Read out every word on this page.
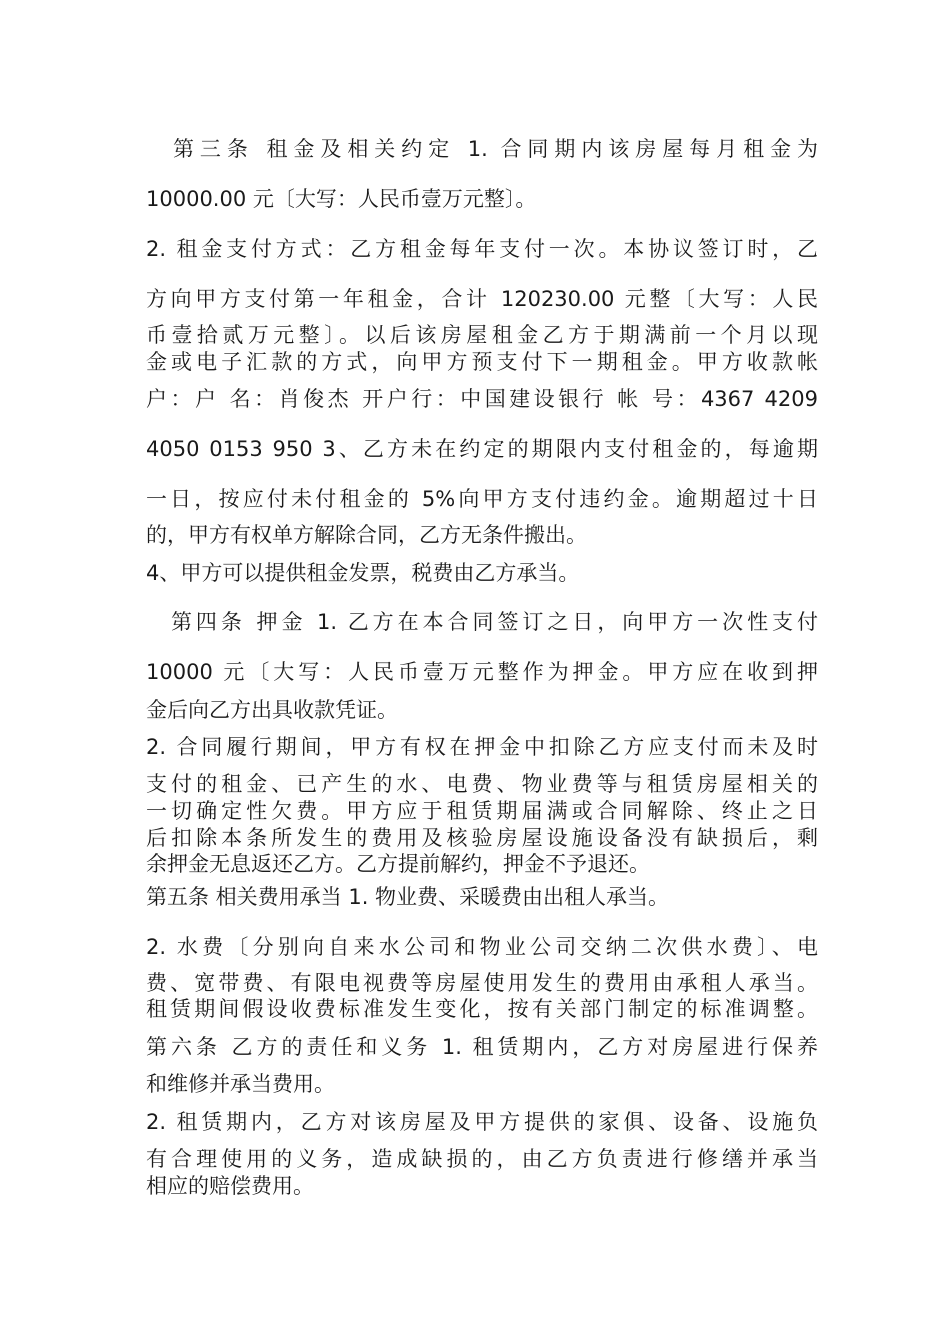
　第三条 租金及相关约定 1. 合同期内该房屋每月租金为
10000.00 元〔大写：人民币壹万元整〕。
2. 租金支付方式：乙方租金每年支付一次。本协议签订时，乙
方向甲方支付第一年租金，合计 120230.00 元整〔大写：人民
币壹拾贰万元整〕。以后该房屋租金乙方于期满前一个月以现
金或电子汇款的方式，向甲方预支付下一期租金。甲方收款帐
户：户 名：肖俊杰 开户行：中国建设银行 帐 号：4367 4209
4050 0153 950 3、乙方未在约定的期限内支付租金的，每逾期
一日，按应付未付租金的 5%向甲方支付违约金。逾期超过十日
的，甲方有权单方解除合同，乙方无条件搬出。
4、甲方可以提供租金发票，税费由乙方承当。
　第四条 押金 1. 乙方在本合同签订之日，向甲方一次性支付
10000 元〔大写：人民币壹万元整作为押金。甲方应在收到押
金后向乙方出具收款凭证。
2. 合同履行期间，甲方有权在押金中扣除乙方应支付而未及时
支付的租金、已产生的水、电费、物业费等与租赁房屋相关的
一切确定性欠费。甲方应于租赁期届满或合同解除、终止之日
后扣除本条所发生的费用及核验房屋设施设备没有缺损后，剩
余押金无息返还乙方。乙方提前解约，押金不予退还。
第五条 相关费用承当 1. 物业费、采暖费由出租人承当。
2. 水费〔分别向自来水公司和物业公司交纳二次供水费〕、电
费、宽带费、有限电视费等房屋使用发生的费用由承租人承当。
租赁期间假设收费标准发生变化，按有关部门制定的标准调整。
第六条 乙方的责任和义务 1. 租赁期内，乙方对房屋进行保养
和维修并承当费用。
2. 租赁期内，乙方对该房屋及甲方提供的家俱、设备、设施负
有合理使用的义务，造成缺损的，由乙方负责进行修缮并承当
相应的赔偿费用。
